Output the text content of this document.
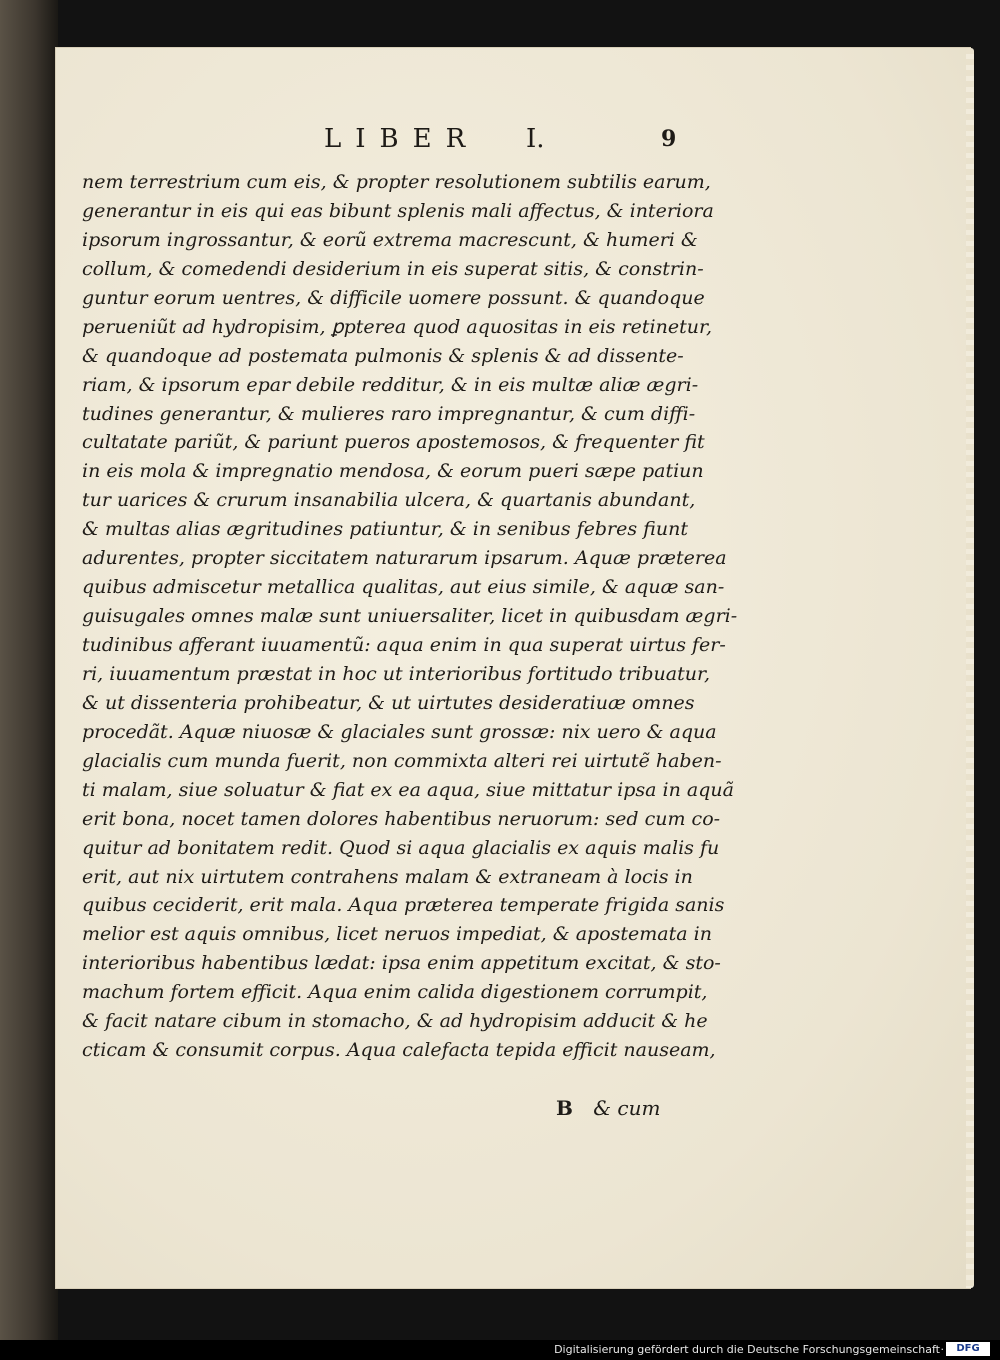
LIBER I.	9
nem terrestrium cum eis, & propter resolutionem subtilis earum,
generantur in eis qui eas bibunt splenis mali affectus, & interiora
ipsorum ingrossantur, & eorũ extrema macrescunt, & humeri &
collum, & comedendi desiderium in eis superat sitis, & constrin-
guntur eorum uentres, & difficile uomere possunt. & quandoque
perueniũt ad hydropisim, ꝑpterea quod aquositas in eis retinetur,
& quandoque ad postemata pulmonis & splenis & ad dissente-
riam, & ipsorum epar debile redditur, & in eis multæ aliæ ægri-
tudines generantur, & mulieres raro impregnantur, & cum diffi-
cultatate pariũt, & pariunt pueros apostemosos, & frequenter fit
in eis mola & impregnatio mendosa, & eorum pueri sæpe patiun
tur uarices & crurum insanabilia ulcera, & quartanis abundant,
& multas alias ægritudines patiuntur, & in senibus febres fiunt
adurentes, propter siccitatem naturarum ipsarum. Aquæ præterea
quibus admiscetur metallica qualitas, aut eius simile, & aquæ san-
guisugales omnes malæ sunt uniuersaliter, licet in quibusdam ægri-
tudinibus afferant iuuamentũ: aqua enim in qua superat uirtus fer-
ri, iuuamentum præstat in hoc ut interioribus fortitudo tribuatur,
& ut dissenteria prohibeatur, & ut uirtutes desideratiuæ omnes
procedãt. Aquæ niuosæ & glaciales sunt grossæ: nix uero & aqua
glacialis cum munda fuerit, non commixta alteri rei uirtutẽ haben-
ti malam, siue soluatur & fiat ex ea aqua, siue mittatur ipsa in aquã
erit bona, nocet tamen dolores habentibus neruorum: sed cum co-
quitur ad bonitatem redit. Quod si aqua glacialis ex aquis malis fu
erit, aut nix uirtutem contrahens malam & extraneam à locis in
quibus ceciderit, erit mala. Aqua præterea temperate frigida sanis
melior est aquis omnibus, licet neruos impediat, & apostemata in
interioribus habentibus lædat: ipsa enim appetitum excitat, & sto-
machum fortem efficit. Aqua enim calida digestionem corrumpit,
& facit natare cibum in stomacho, & ad hydropisim adducit & he
cticam & consumit corpus. Aqua calefacta tepida efficit nauseam,
B & cum
Digitalisierung gefördert durch die Deutsche Forschungsgemeinschaft ·	DFG
